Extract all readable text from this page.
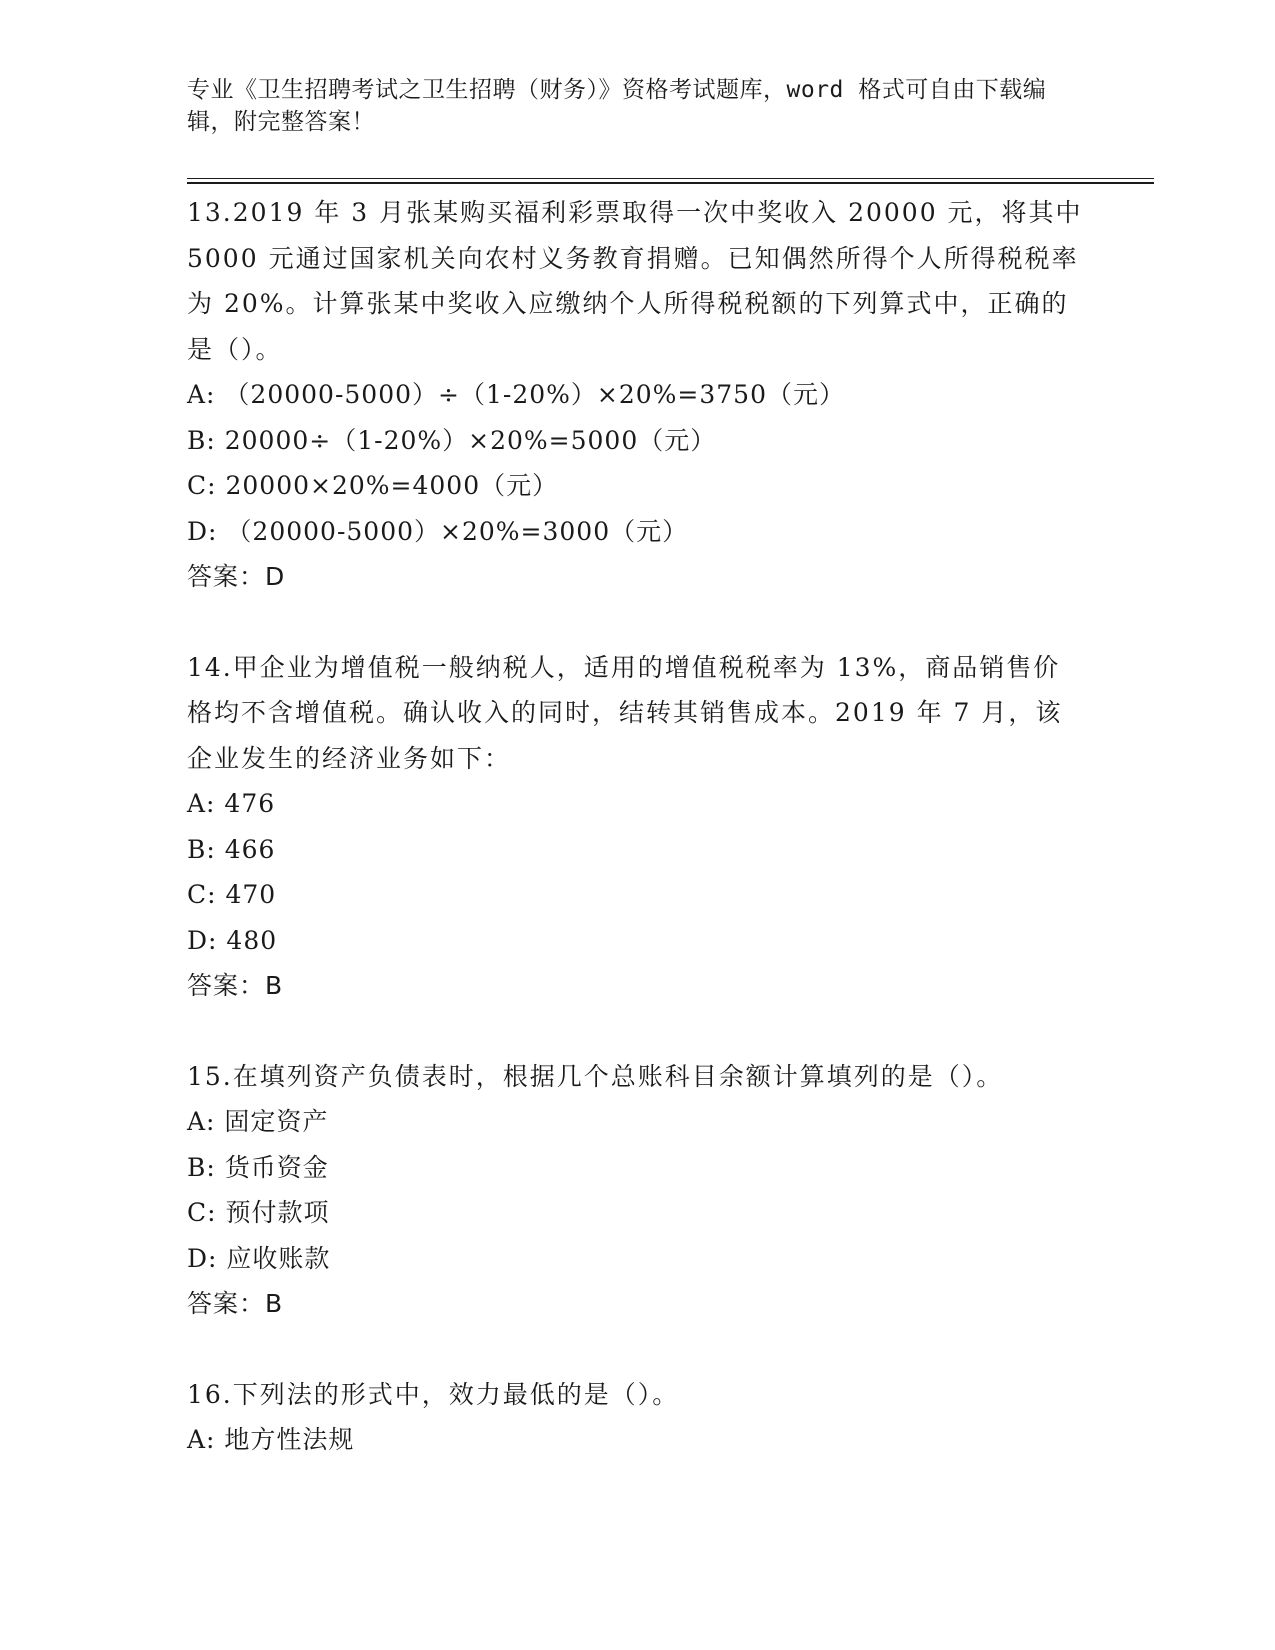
专业《卫生招聘考试之卫生招聘（财务）》资格考试题库，word 格式可自由下载编辑，附完整答案！

13.2019 年 3 月张某购买福利彩票取得一次中奖收入 20000 元，将其中 5000 元通过国家机关向农村义务教育捐赠。已知偶然所得个人所得税税率为 20%。计算张某中奖收入应缴纳个人所得税税额的下列算式中，正确的是（）。

A: （20000-5000）÷（1-20%）×20%=3750（元）

B: 20000÷（1-20%）×20%=5000（元）

C: 20000×20%=4000（元）

D: （20000-5000）×20%=3000（元）

答案：D

14.甲企业为增值税一般纳税人，适用的增值税税率为 13%，商品销售价格均不含增值税。确认收入的同时，结转其销售成本。2019 年 7 月，该企业发生的经济业务如下：

A: 476

B: 466

C: 470

D: 480

答案：B

15.在填列资产负债表时，根据几个总账科目余额计算填列的是（）。

A: 固定资产

B: 货币资金

C: 预付款项

D: 应收账款

答案：B

16.下列法的形式中，效力最低的是（）。

A: 地方性法规
